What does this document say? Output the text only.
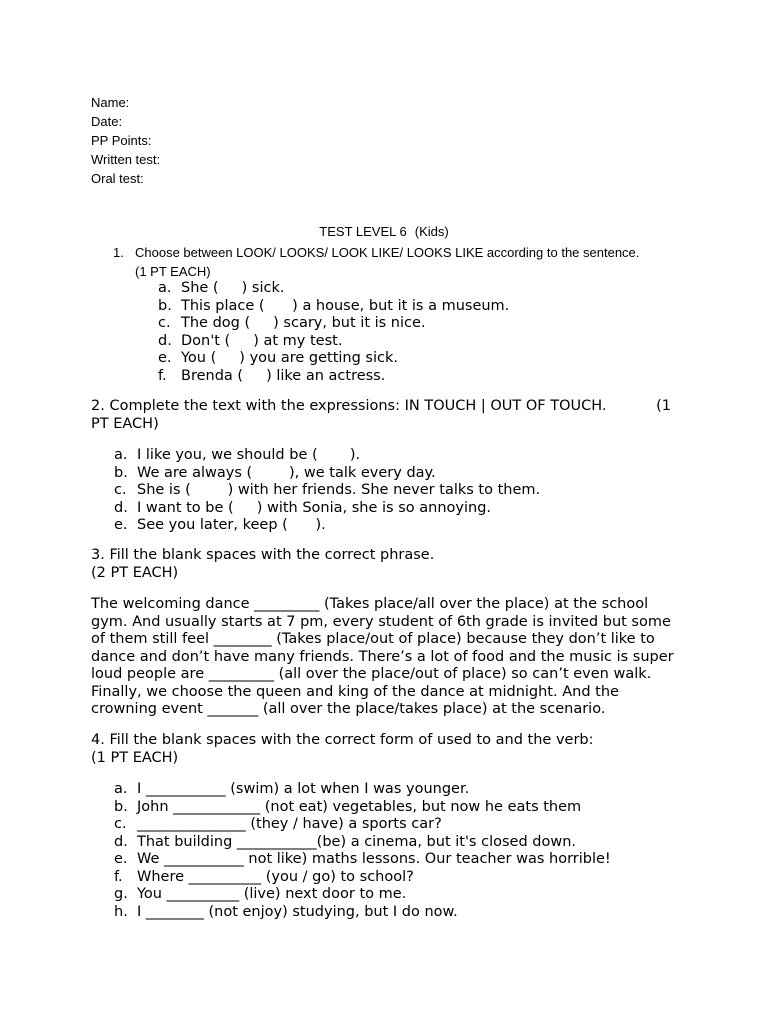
Name:
Date:
PP Points:
Written test:
Oral test:
TEST LEVEL 6 (Kids)
1. Choose between LOOK/ LOOKS/ LOOK LIKE/ LOOKS LIKE according to the sentence.
(1 PT EACH)
a. She (     ) sick.
b. This place (      ) a house, but it is a museum.
c. The dog (     ) scary, but it is nice.
d. Don't (     ) at my test.
e. You (     ) you are getting sick.
f. Brenda (     ) like an actress.
2. Complete the text with the expressions: IN TOUCH | OUT OF TOUCH.	(1
PT EACH)
a. I like you, we should be (       ).
b. We are always (        ), we talk every day.
c. She is (        ) with her friends. She never talks to them.
d. I want to be (     ) with Sonia, she is so annoying.
e. See you later, keep (      ).
3. Fill the blank spaces with the correct phrase.
(2 PT EACH)
The welcoming dance _________ (Takes place/all over the place) at the school
gym. And usually starts at 7 pm, every student of 6th grade is invited but some
of them still feel ________ (Takes place/out of place) because they don’t like to
dance and don’t have many friends. There’s a lot of food and the music is super
loud people are _________ (all over the place/out of place) so can’t even walk.
Finally, we choose the queen and king of the dance at midnight. And the
crowning event _______ (all over the place/takes place) at the scenario.
4. Fill the blank spaces with the correct form of used to and the verb:
(1 PT EACH)
a. I ___________ (swim) a lot when I was younger.
b. John ____________ (not eat) vegetables, but now he eats them
c. _______________ (they / have) a sports car?
d. That building ___________(be) a cinema, but it's closed down.
e. We ___________ not like) maths lessons. Our teacher was horrible!
f. Where __________ (you / go) to school?
g. You __________ (live) next door to me.
h. I ________ (not enjoy) studying, but I do now.
